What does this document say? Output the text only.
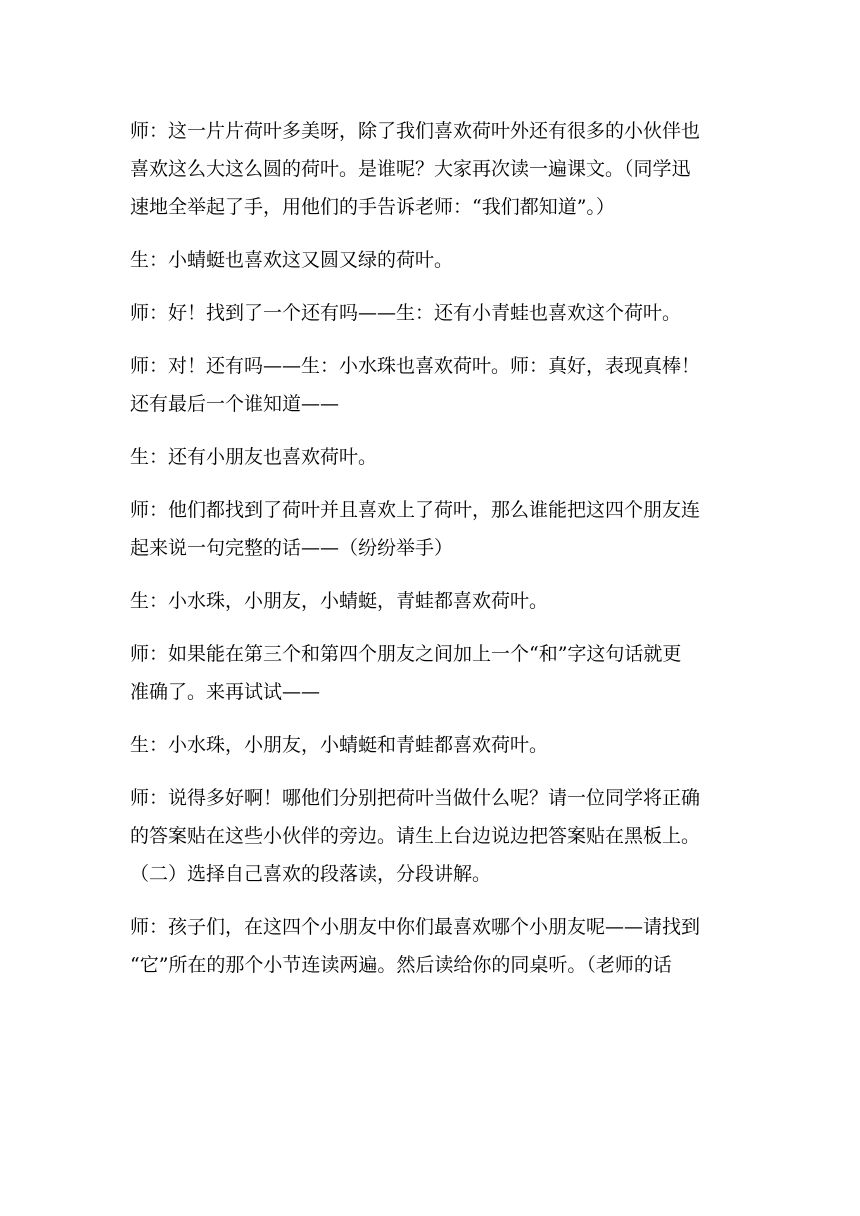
师：这一片片荷叶多美呀，除了我们喜欢荷叶外还有很多的小伙伴也
喜欢这么大这么圆的荷叶。是谁呢？大家再次读一遍课文。（同学迅
速地全举起了手，用他们的手告诉老师：“我们都知道”。）

生：小蜻蜓也喜欢这又圆又绿的荷叶。

师：好！找到了一个还有吗——生：还有小青蛙也喜欢这个荷叶。

师：对！还有吗——生：小水珠也喜欢荷叶。师：真好，表现真棒！
还有最后一个谁知道——

生：还有小朋友也喜欢荷叶。

师：他们都找到了荷叶并且喜欢上了荷叶，那么谁能把这四个朋友连
起来说一句完整的话——（纷纷举手）

生：小水珠，小朋友，小蜻蜓，青蛙都喜欢荷叶。

师：如果能在第三个和第四个朋友之间加上一个“和”字这句话就更
准确了。来再试试——

生：小水珠，小朋友，小蜻蜓和青蛙都喜欢荷叶。

师：说得多好啊！哪他们分别把荷叶当做什么呢？请一位同学将正确
的答案贴在这些小伙伴的旁边。请生上台边说边把答案贴在黑板上。
（二）选择自己喜欢的段落读，分段讲解。

师：孩子们，在这四个小朋友中你们最喜欢哪个小朋友呢——请找到
“它”所在的那个小节连读两遍。然后读给你的同桌听。（老师的话
